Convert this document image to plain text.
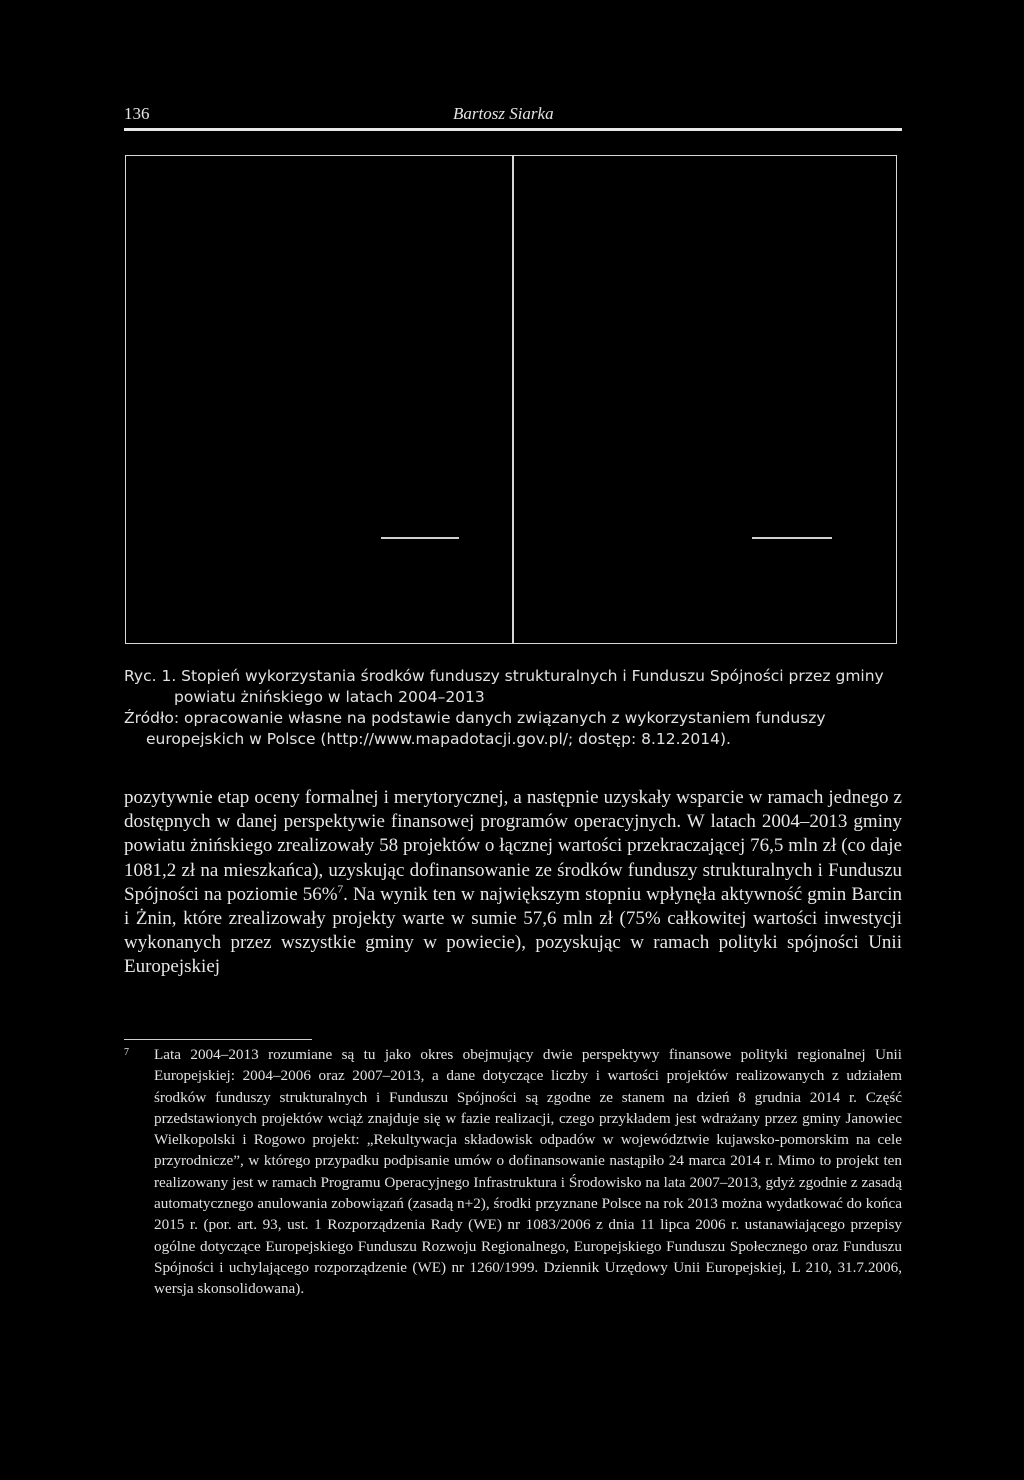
136	Bartosz Siarka

Ryc. 1. Stopień wykorzystania środków funduszy strukturalnych i Funduszu Spójności przez gminy powiatu żnińskiego w latach 2004–2013

Źródło: opracowanie własne na podstawie danych związanych z wykorzystaniem funduszy europejskich w Polsce (http://www.mapadotacji.gov.pl/; dostęp: 8.12.2014).

pozytywnie etap oceny formalnej i merytorycznej, a następnie uzyskały wsparcie w ramach jednego z dostępnych w danej perspektywie finansowej programów operacyjnych. W latach 2004–2013 gminy powiatu żnińskiego zrealizowały 58 projektów o łącznej wartości przekraczającej 76,5 mln zł (co daje 1081,2 zł na mieszkańca), uzyskując dofinansowanie ze środków funduszy strukturalnych i Funduszu Spójności na poziomie 56%$^7$. Na wynik ten w największym stopniu wpłynęła aktywność gmin Barcin i Żnin, które zrealizowały projekty warte w sumie 57,6 mln zł (75% całkowitej wartości inwestycji wykonanych przez wszystkie gminy w powiecie), pozyskując w ramach polityki spójności Unii Europejskiej

7 Lata 2004–2013 rozumiane są tu jako okres obejmujący dwie perspektywy finansowe polityki regionalnej Unii Europejskiej: 2004–2006 oraz 2007–2013, a dane dotyczące liczby i wartości projektów realizowanych z udziałem środków funduszy strukturalnych i Funduszu Spójności są zgodne ze stanem na dzień 8 grudnia 2014 r. Część przedstawionych projektów wciąż znajduje się w fazie realizacji, czego przykładem jest wdrażany przez gminy Janowiec Wielkopolski i Rogowo projekt: „Rekultywacja składowisk odpadów w województwie kujawsko-pomorskim na cele przyrodnicze”, w którego przypadku podpisanie umów o dofinansowanie nastąpiło 24 marca 2014 r. Mimo to projekt ten realizowany jest w ramach Programu Operacyjnego Infrastruktura i Środowisko na lata 2007–2013, gdyż zgodnie z zasadą automatycznego anulowania zobowiązań (zasadą n+2), środki przyznane Polsce na rok 2013 można wydatkować do końca 2015 r. (por. art. 93, ust. 1 Rozporządzenia Rady (WE) nr 1083/2006 z dnia 11 lipca 2006 r. ustanawiającego przepisy ogólne dotyczące Europejskiego Funduszu Rozwoju Regionalnego, Europejskiego Funduszu Społecznego oraz Funduszu Spójności i uchylającego rozporządzenie (WE) nr 1260/1999. Dziennik Urzędowy Unii Europejskiej, L 210, 31.7.2006, wersja skonsolidowana).
